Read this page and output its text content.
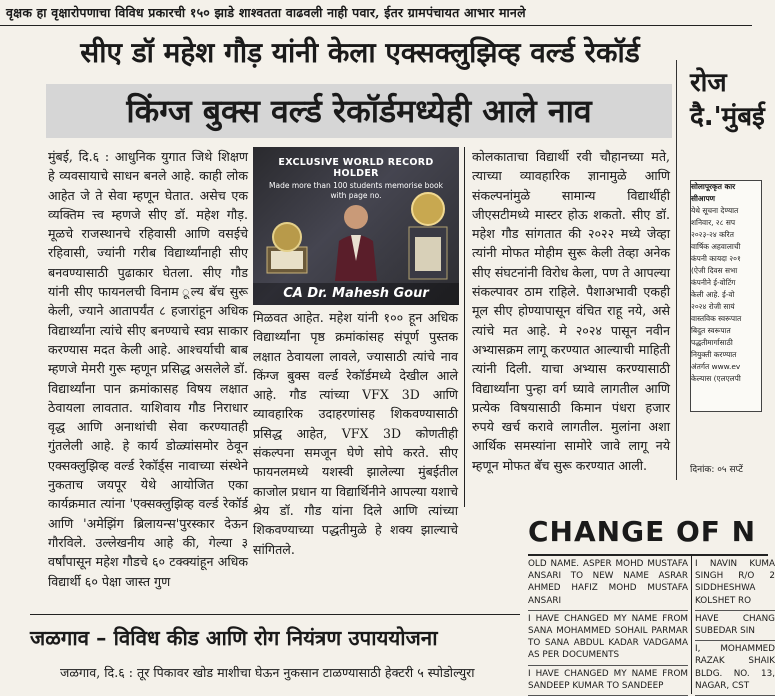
वृक्षक हा वृक्षारोपणाचा विविध प्रकारची १५० झाडे शाश्वतता वाढवली नाही पवार, ईतर ग्रामपंचायत आभार मानले
सीए डॉ महेश गौड़ यांनी केला एक्सक्लुझिव्ह वर्ल्ड रेकॉर्ड
किंग्ज बुक्स वर्ल्ड रेकॉर्डमध्येही आले नाव
मुंबई, दि.६ : आधुनिक युगात जिथे शिक्षण हे व्यवसायाचे साधन बनले आहे. काही लोक आहेत जे ते सेवा म्हणून घेतात. असेच एक व्यक्तिम त्त्व म्हणजे सीए डॉ. महेश गौड़. मूळचे राजस्थानचे रहिवासी आणि वसईचे रहिवासी, ज्यांनी गरीब विद्यार्थ्यांनाही सीए बनवण्यासाठी पुढाकार घेतला. सीए गौड यांनी सीए फायनलची विनाम ूल्य बॅच सुरू केली, ज्याने आतापर्यंत ८ हजारांहून अधिक विद्यार्थ्यांना त्यांचे सीए बनण्याचे स्वप्न साकार करण्यास मदत केली आहे. आश्चर्याची बाब म्हणजे मेमरी गुरू म्हणून प्रसिद्ध असलेले डॉ. विद्यार्थ्यांना पान क्रमांकासह विषय लक्षात ठेवायला लावतात. याशिवाय गौड निराधार वृद्ध आणि अनाथांची सेवा करण्यातही गुंतलेली आहे. हे कार्य डोळ्यांसमोर ठेवून एक्सक्लुझिव्ह वर्ल्ड रेकॉर्ड्स नावाच्या संस्थेने नुकताच जयपूर येथे आयोजित एका कार्यक्रमात त्यांना 'एक्सक्लुझिव्ह वर्ल्ड रेकॉर्ड आणि 'अमेझिंग ब्रिलायन्स'पुरस्कार देऊन गौरविले. उल्लेखनीय आहे की, गेल्या ३ वर्षांपासून महेश गौडचे ६० टक्क्यांहून अधिक विद्यार्थी ६० पेक्षा जास्त गुण
EXCLUSIVE WORLD RECORD HOLDER
Made more than 100 students memorise book with page no.
CA Dr. Mahesh Gour
मिळवत आहेत. महेश यांनी १०० हून अधिक विद्यार्थ्यांना पृष्ठ क्रमांकांसह संपूर्ण पुस्तक लक्षात ठेवायला लावले, ज्यासाठी त्यांचे नाव किंग्ज बुक्स वर्ल्ड रेकॉर्डमध्ये देखील आले आहे. गौड त्यांच्या VFX 3D आणि व्यावहारिक उदाहरणांसह शिकवण्यासाठी प्रसिद्ध आहेत, VFX 3D कोणतीही संकल्पना समजून घेणे सोपे करते. सीए फायनलमध्ये यशस्वी झालेल्या मुंबईतील काजोल प्रधान या विद्यार्थिनीने आपल्या यशाचे श्रेय डॉ. गौड यांना दिले आणि त्यांच्या शिकवण्याच्या पद्धतीमुळे हे शक्य झाल्याचे सांगितले.
कोलकाताचा विद्यार्थी रवी चौहानच्या मते, त्याच्या व्यावहारिक ज्ञानामुळे आणि संकल्पनांमुळे सामान्य विद्यार्थीही जीएसटीमध्ये मास्टर होऊ शकतो. सीए डॉ. महेश गौड सांगतात की २०२२ मध्ये जेव्हा त्यांनी मोफत मोहीम सुरू केली तेव्हा अनेक सीए संघटनांनी विरोध केला, पण ते आपल्या संकल्पावर ठाम राहिले. पैशाअभावी एकही मूल सीए होण्यापासून वंचित राहू नये, असे त्यांचे मत आहे. मे २०२४ पासून नवीन अभ्यासक्रम लागू करण्यात आल्याची माहिती त्यांनी दिली. याचा अभ्यास करण्यासाठी विद्यार्थ्यांना पुन्हा वर्ग घ्यावे लागतील आणि प्रत्येक विषयासाठी किमान पंधरा हजार रुपये खर्च करावे लागतील. मुलांना अशा आर्थिक समस्यांना सामोरे जावे लागू नये म्हणून मोफत बॅच सुरू करण्यात आली.
रोज
दै.'मुंबई
सोलापूरकृत कार
सीआपण
येथे सूचना देण्यात
शनिवार, २८ सप
२०२३-२४ करित
वार्षिक अहवालाची
कंपनी कायदा २०१
(ऐजी दिवस सभा
कंपनीने ई-वोटिंग
केली आहे. ई-वो
२०२४ रोजी सायं
वास्तविक स्वरूपात
बिदुत स्वरूपात
पद्धतीमार्गासाठी
नियुक्ती करण्यात
अंतर्गत www.ev
केल्यास (एलएलपी
दिनांक: ०५ सप्टें
CHANGE OF N
OLD NAME. ASPER MOHD MUSTAFA ANSARI TO NEW NAME ASRAR AHMED HAFIZ MOHD MUSTAFA ANSARI
I HAVE CHANGED MY NAME FROM SANA MOHAMMED SOHAIL PARMAR TO SANA ABDUL KADAR VADGAMA AS PER DOCUMENTS
I HAVE CHANGED MY NAME FROM SANDEEP KUMAR TO SANDEEP
I NAVIN KUMA SINGH R/O 2 SIDDHESHWA KOLSHET RO
HAVE CHANG SUBEDAR SIN
I, MOHAMMED RAZAK SHAIK BLDG. NO. 13, NAGAR, CST
जळगाव – विविध कीड आणि रोग नियंत्रण उपाययोजना
जळगाव, दि.६ : तूर पिकावर खोड माशीचा घेऊन नुकसान टाळण्यासाठी हेक्टरी ५ स्पोडोल्युरा
